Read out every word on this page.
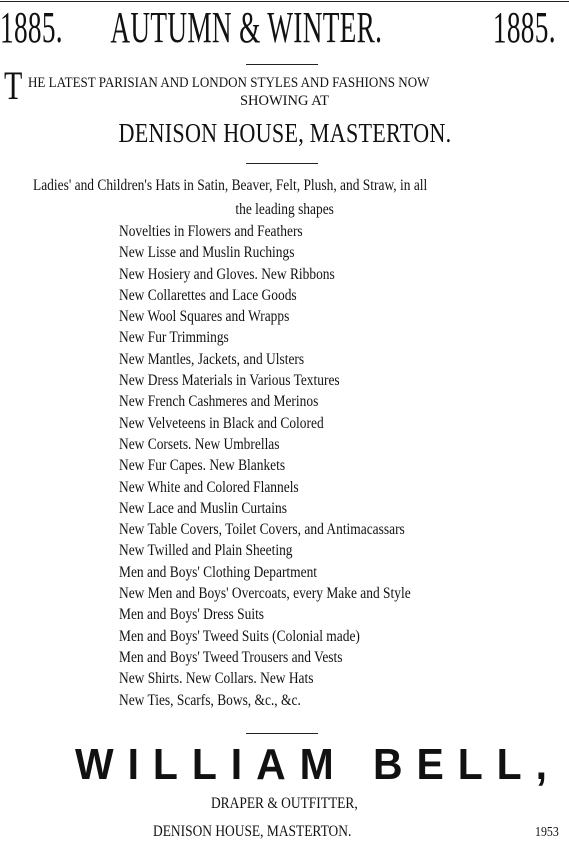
1885. AUTUMN & WINTER.	1885.
T HE LATEST PARISIAN AND LONDON STYLES AND FASHIONS NOW
SHOWING AT
DENISON HOUSE, MASTERTON.
Ladies' and Children's Hats in Satin, Beaver, Felt, Plush, and Straw, in all
the leading shapes
Novelties in Flowers and Feathers
New Lisse and Muslin Ruchings
New Hosiery and Gloves. New Ribbons
New Collarettes and Lace Goods
New Wool Squares and Wrapps
New Fur Trimmings
New Mantles, Jackets, and Ulsters
New Dress Materials in Various Textures
New French Cashmeres and Merinos
New Velveteens in Black and Colored
New Corsets. New Umbrellas
New Fur Capes. New Blankets
New White and Colored Flannels
New Lace and Muslin Curtains
New Table Covers, Toilet Covers, and Antimacassars
New Twilled and Plain Sheeting
Men and Boys' Clothing Department
New Men and Boys' Overcoats, every Make and Style
Men and Boys' Dress Suits
Men and Boys' Tweed Suits (Colonial made)
Men and Boys' Tweed Trousers and Vests
New Shirts. New Collars. New Hats
New Ties, Scarfs, Bows, &c., &c.
WILLIAM BELL,
DRAPER & OUTFITTER,
DENISON HOUSE, MASTERTON.	1953
